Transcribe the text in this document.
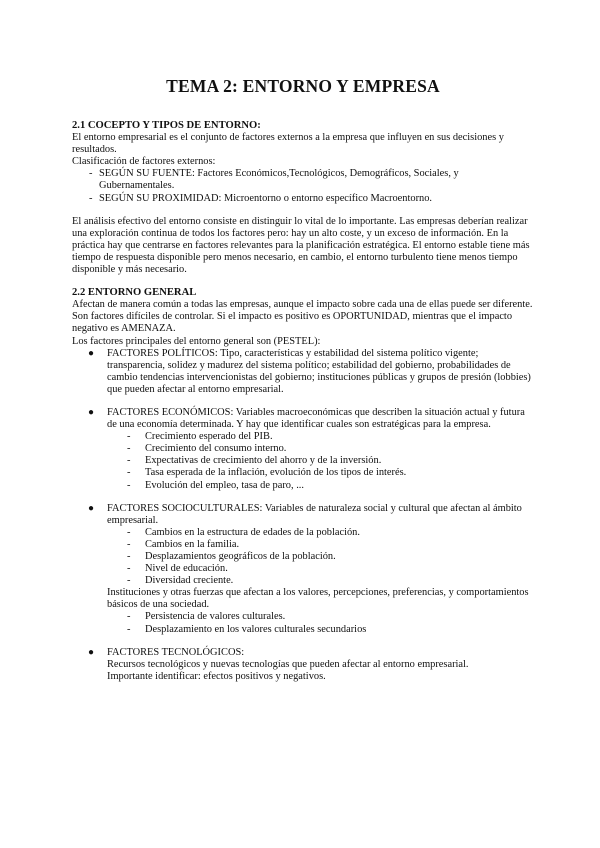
TEMA 2: ENTORNO Y EMPRESA

2.1 COCEPTO Y TIPOS DE ENTORNO:

El entorno empresarial es el conjunto de factores externos a la empresa que influyen en sus decisiones y resultados.

Clasificación de factores externos:

- SEGÚN SU FUENTE: Factores Económicos,Tecnológicos, Demográficos, Sociales, y Gubernamentales.
- SEGÚN SU PROXIMIDAD: Microentorno o entorno específico Macroentorno.

El análisis efectivo del entorno consiste en distinguir lo vital de lo importante. Las empresas deberían realizar una exploración continua de todos los factores pero: hay un alto coste, y un exceso de información. En la práctica hay que centrarse en factores relevantes para la planificación estratégica. El entorno estable tiene más tiempo de respuesta disponible pero menos necesario, en cambio, el entorno turbulento tiene menos tiempo disponible y más necesario.

2.2 ENTORNO GENERAL

Afectan de manera común a todas las empresas, aunque el impacto sobre cada una de ellas puede ser diferente. Son factores difíciles de controlar. Si el impacto es positivo es OPORTUNIDAD, mientras que el impacto negativo es AMENAZA.

Los factores principales del entorno general son (PESTEL):

● FACTORES POLÍTICOS: Tipo, características y estabilidad del sistema político vigente; transparencia, solidez y madurez del sistema político; estabilidad del gobierno, probabilidades de cambio tendencias intervencionistas del gobierno; instituciones públicas y grupos de presión (lobbies) que pueden afectar al entorno empresarial.
● FACTORES ECONÓMICOS: Variables macroeconómicas que describen la situación actual y futura de una economía determinada. Y hay que identificar cuales son estratégicas para la empresa.
- Crecimiento esperado del PIB.
- Crecimiento del consumo interno.
- Expectativas de crecimiento del ahorro y de la inversión.
- Tasa esperada de la inflación, evolución de los tipos de interés.
- Evolución del empleo, tasa de paro, ...
● FACTORES SOCIOCULTURALES: Variables de naturaleza social y cultural que afectan al ámbito empresarial.
- Cambios en la estructura de edades de la población.
- Cambios en la familia.
- Desplazamientos geográficos de la población.
- Nivel de educación.
- Diversidad creciente.

Instituciones y otras fuerzas que afectan a los valores, percepciones, preferencias, y comportamientos básicos de una sociedad.

- Persistencia de valores culturales.
- Desplazamiento en los valores culturales secundarios
● FACTORES TECNOLÓGICOS:

Recursos tecnológicos y nuevas tecnologías que pueden afectar al entorno empresarial.

Importante identificar: efectos positivos y negativos.
